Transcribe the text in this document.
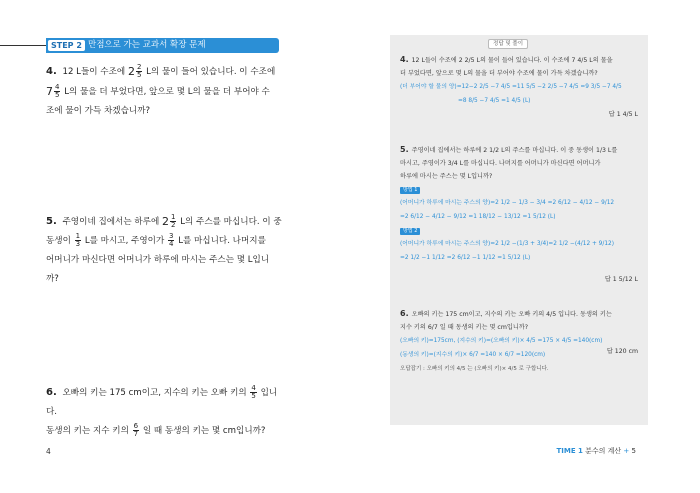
STEP 2 만점으로 가는 교과서 확장 문제
4. 12 L들이 수조에 $2 \frac{2}{5}$ L의 물이 들어 있습니다. 이 수조에
$7 \frac{4}{5}$ L의 물을 더 부었다면, 앞으로 몇 L의 물을 더 부어야 수
조에 물이 가득 차겠습니까?
5. 주영이네 집에서는 하루에 $2 \frac{1}{2}$ L의 주스를 마십니다. 이 중
동생이 $\frac{1}{3}$ L를 마시고, 주영이가 $\frac{3}{4}$ L를 마십니다. 나머지를
어머니가 마신다면 어머니가 하루에 마시는 주스는 몇 L입니
까?
6. 오빠의 키는 175 cm이고, 지수의 키는 오빠 키의 $\frac{4}{5}$ 입니다.
동생의 키는 지수 키의 $\frac{6}{7}$ 일 때 동생의 키는 몇 cm입니까?
정답 및 풀이
4. 12 L들이 수조에 2 2/5 L의 물이 들어 있습니다. 이 수조에 7 4/5 L의 물을
더 부었다면, 앞으로 몇 L의 물을 더 부어야 수조에 물이 가득 차겠습니까?
(더 부어야 할 물의 양)=12−2 2/5 −7 4/5 =11 5/5 −2 2/5 −7 4/5 =9 3/5 −7 4/5
=8 8/5 −7 4/5 =1 4/5 (L)
답 1 4/5 L
5. 주영이네 집에서는 하루에 2 1/2 L의 주스를 마십니다. 이 중 동생이 1/3 L를
마시고, 주영이가 3/4 L를 마십니다. 나머지를 어머니가 마신다면 어머니가
하루에 마시는 주스는 몇 L입니까?
방법 1
(어머니가 하루에 마시는 주스의 양)=2 1/2 − 1/3 − 3/4 =2 6/12 − 4/12 − 9/12
=2 6/12 − 4/12 − 9/12 =1 18/12 − 13/12 =1 5/12 (L)
방법 2
(어머니가 하루에 마시는 주스의 양)=2 1/2 −(1/3 + 3/4)=2 1/2 −(4/12 + 9/12)
=2 1/2 −1 1/12 =2 6/12 −1 1/12 =1 5/12 (L)
답 1 5/12 L
6. 오빠의 키는 175 cm이고, 지수의 키는 오빠 키의 4/5 입니다. 동생의 키는
지수 키의 6/7 일 때 동생의 키는 몇 cm입니까?
(오빠의 키)=175cm, (지수의 키)=(오빠의 키)× 4/5 =175 × 4/5 =140(cm)
(동생의 키)=(지수의 키)× 6/7 =140 × 6/7 =120(cm)
오답잡기 : 오빠의 키의 4/5 는 (오빠의 키)× 4/5 로 구합니다.
답 120 cm
4	TIME 1 분수의 계산 + 5
